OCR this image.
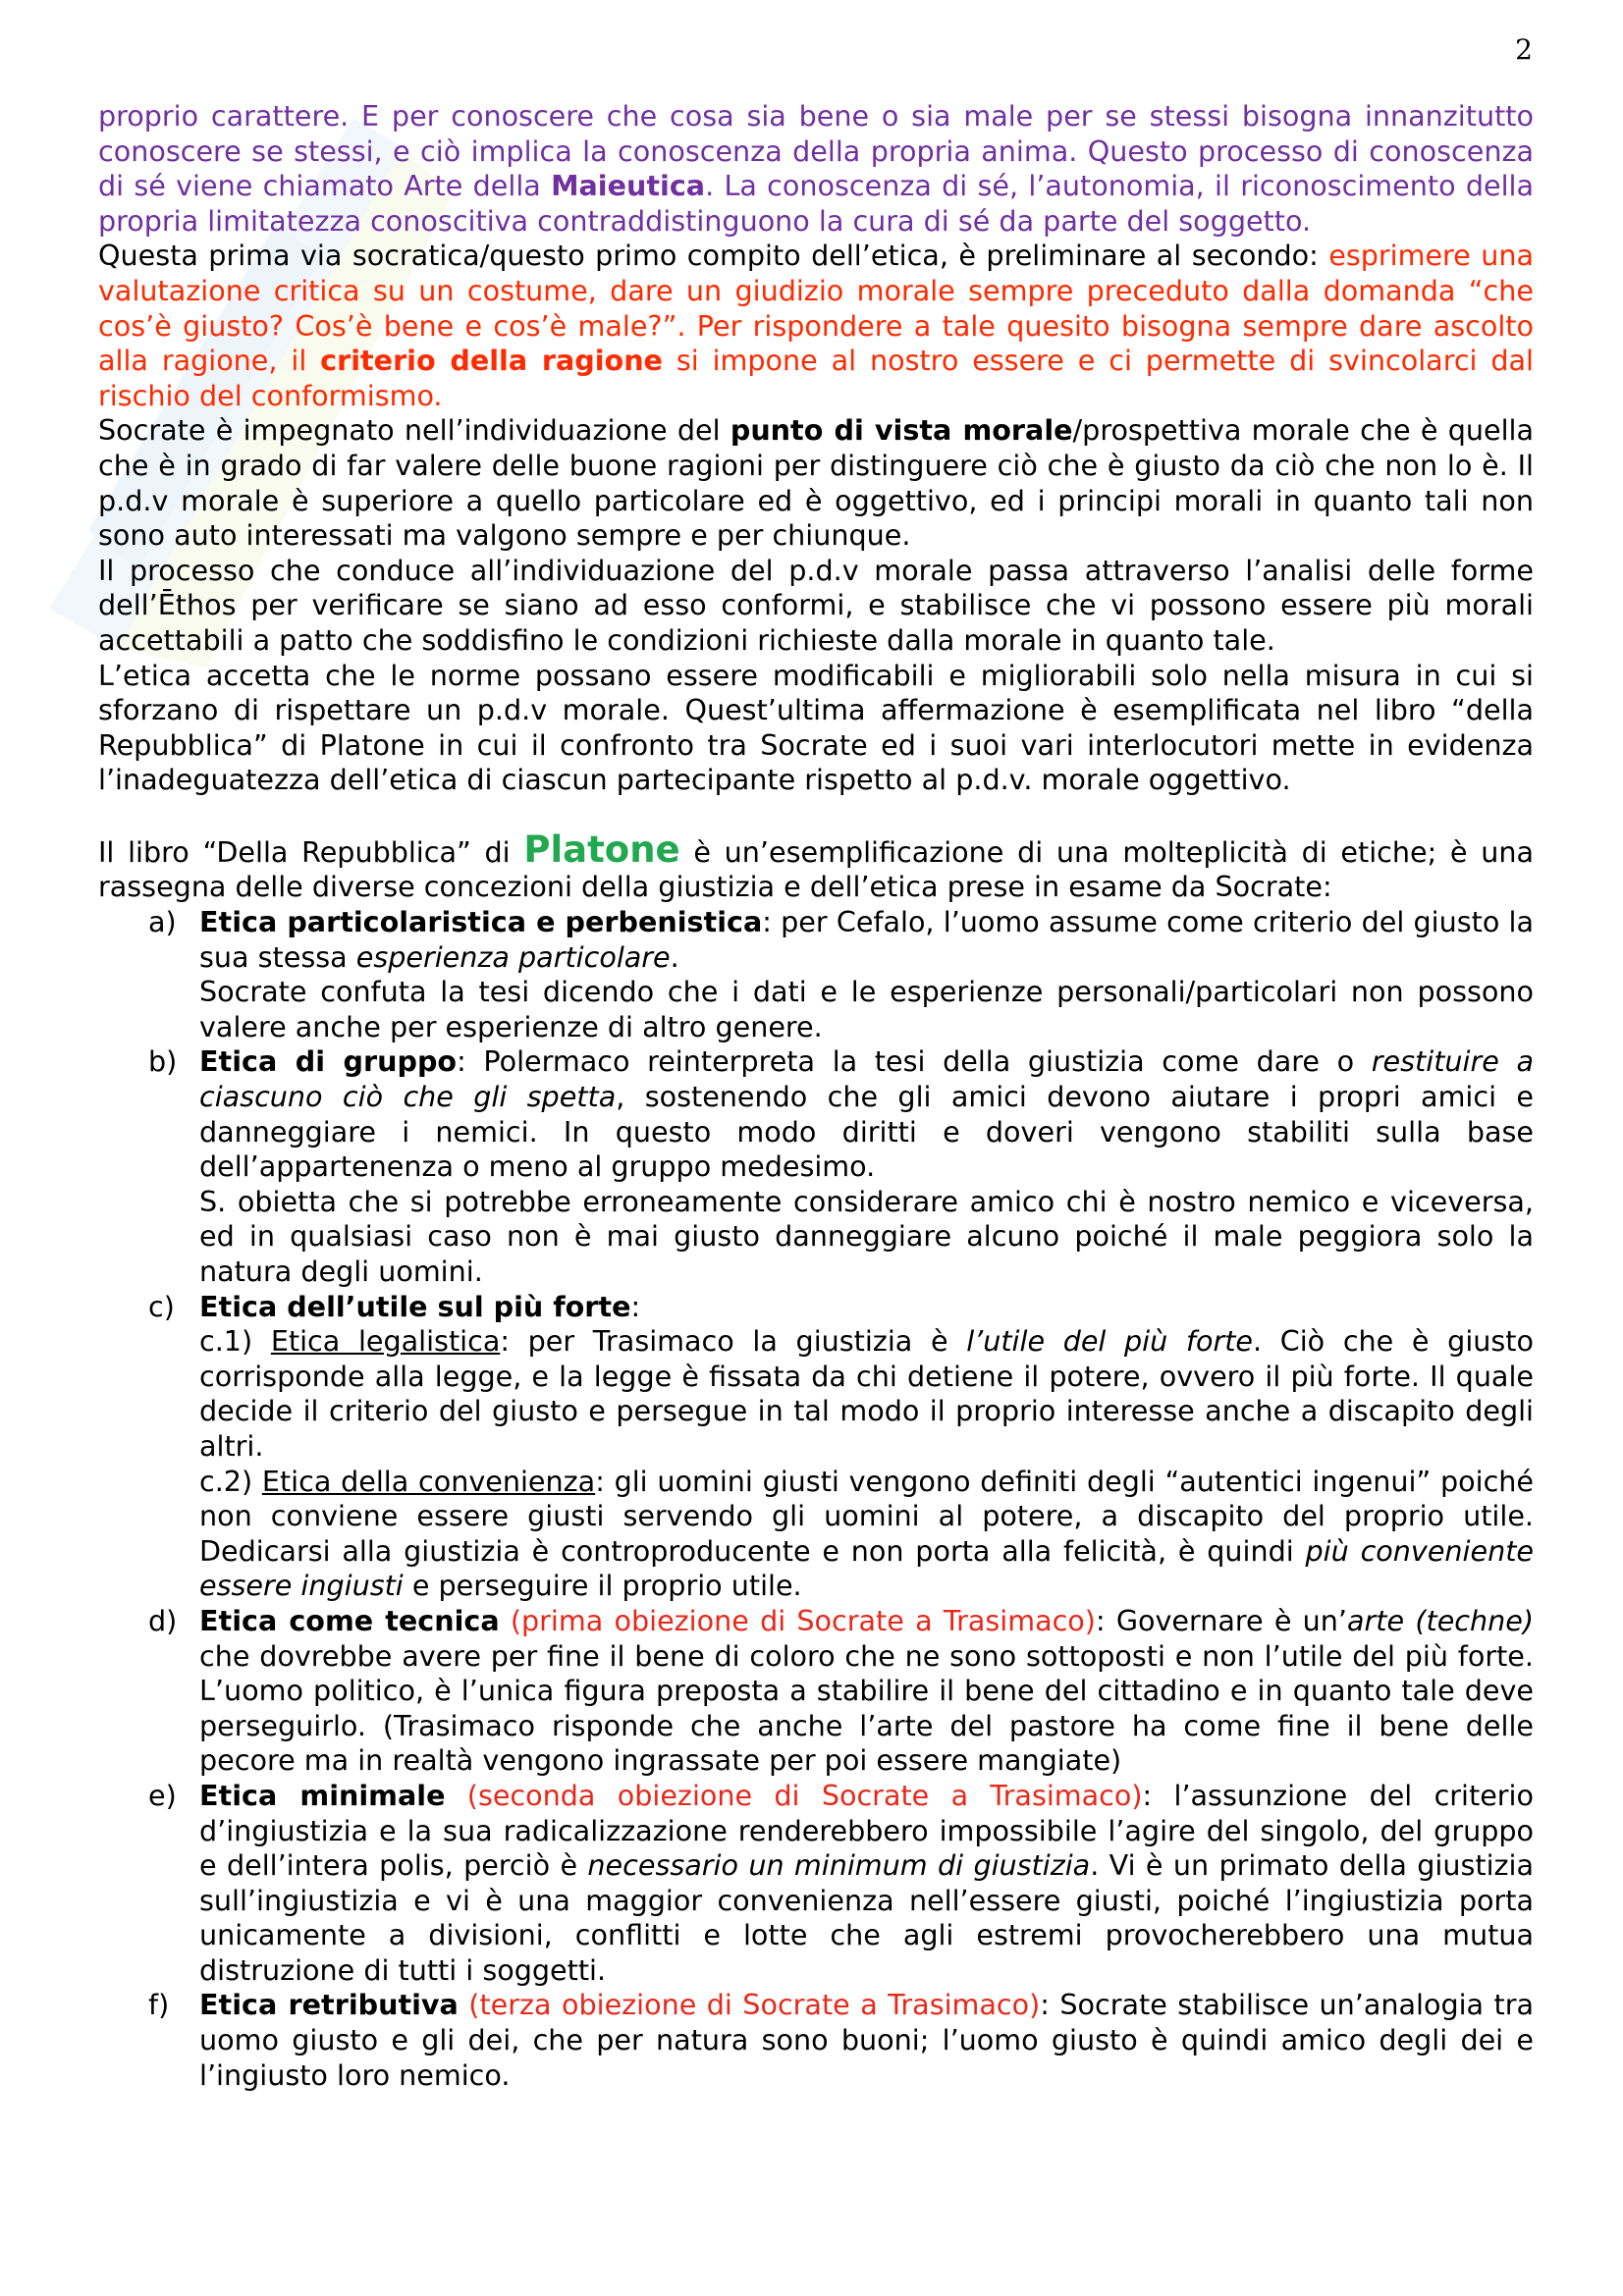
2

proprio carattere. E per conoscere che cosa sia bene o sia male per se stessi bisogna innanzitutto conoscere se stessi, e ciò implica la conoscenza della propria anima. Questo processo di conoscenza di sé viene chiamato Arte della Maieutica. La conoscenza di sé, l’autonomia, il riconoscimento della propria limitatezza conoscitiva contraddistinguono la cura di sé da parte del soggetto.

Questa prima via socratica/questo primo compito dell’etica, è preliminare al secondo: esprimere una valutazione critica su un costume, dare un giudizio morale sempre preceduto dalla domanda “che cos’è giusto? Cos’è bene e cos’è male?”. Per rispondere a tale quesito bisogna sempre dare ascolto alla ragione, il criterio della ragione si impone al nostro essere e ci permette di svincolarci dal rischio del conformismo.

Socrate è impegnato nell’individuazione del punto di vista morale/prospettiva morale che è quella che è in grado di far valere delle buone ragioni per distinguere ciò che è giusto da ciò che non lo è. Il p.d.v morale è superiore a quello particolare ed è oggettivo, ed i principi morali in quanto tali non sono auto interessati ma valgono sempre e per chiunque.

Il processo che conduce all’individuazione del p.d.v morale passa attraverso l’analisi delle forme dell’Ēthos per verificare se siano ad esso conformi, e stabilisce che vi possono essere più morali accettabili a patto che soddisfino le condizioni richieste dalla morale in quanto tale.

L’etica accetta che le norme possano essere modificabili e migliorabili solo nella misura in cui si sforzano di rispettare un p.d.v morale. Quest’ultima affermazione è esemplificata nel libro “della Repubblica” di Platone in cui il confronto tra Socrate ed i suoi vari interlocutori mette in evidenza l’inadeguatezza dell’etica di ciascun partecipante rispetto al p.d.v. morale oggettivo.

Il libro “Della Repubblica” di Platone è un’esemplificazione di una molteplicità di etiche; è una rassegna delle diverse concezioni della giustizia e dell’etica prese in esame da Socrate:

a) Etica particolaristica e perbenistica: per Cefalo, l’uomo assume come criterio del giusto la sua stessa esperienza particolare.
Socrate confuta la tesi dicendo che i dati e le esperienze personali/particolari non possono valere anche per esperienze di altro genere.
b) Etica di gruppo: Polermaco reinterpreta la tesi della giustizia come dare o restituire a ciascuno ciò che gli spetta, sostenendo che gli amici devono aiutare i propri amici e danneggiare i nemici. In questo modo diritti e doveri vengono stabiliti sulla base dell’appartenenza o meno al gruppo medesimo.
S. obietta che si potrebbe erroneamente considerare amico chi è nostro nemico e viceversa, ed in qualsiasi caso non è mai giusto danneggiare alcuno poiché il male peggiora solo la natura degli uomini.
c) Etica dell’utile sul più forte:
c.1) Etica legalistica: per Trasimaco la giustizia è l’utile del più forte. Ciò che è giusto corrisponde alla legge, e la legge è fissata da chi detiene il potere, ovvero il più forte. Il quale decide il criterio del giusto e persegue in tal modo il proprio interesse anche a discapito degli altri.
c.2) Etica della convenienza: gli uomini giusti vengono definiti degli “autentici ingenui” poiché non conviene essere giusti servendo gli uomini al potere, a discapito del proprio utile. Dedicarsi alla giustizia è controproducente e non porta alla felicità, è quindi più conveniente essere ingiusti e perseguire il proprio utile.
d) Etica come tecnica (prima obiezione di Socrate a Trasimaco): Governare è un’arte (techne) che dovrebbe avere per fine il bene di coloro che ne sono sottoposti e non l’utile del più forte. L’uomo politico, è l’unica figura preposta a stabilire il bene del cittadino e in quanto tale deve perseguirlo. (Trasimaco risponde che anche l’arte del pastore ha come fine il bene delle pecore ma in realtà vengono ingrassate per poi essere mangiate)
e) Etica minimale (seconda obiezione di Socrate a Trasimaco): l’assunzione del criterio d’ingiustizia e la sua radicalizzazione renderebbero impossibile l’agire del singolo, del gruppo e dell’intera polis, perciò è necessario un minimum di giustizia. Vi è un primato della giustizia sull’ingiustizia e vi è una maggior convenienza nell’essere giusti, poiché l’ingiustizia porta unicamente a divisioni, conflitti e lotte che agli estremi provocherebbero una mutua distruzione di tutti i soggetti.
f) Etica retributiva (terza obiezione di Socrate a Trasimaco): Socrate stabilisce un’analogia tra uomo giusto e gli dei, che per natura sono buoni; l’uomo giusto è quindi amico degli dei e l’ingiusto loro nemico.
